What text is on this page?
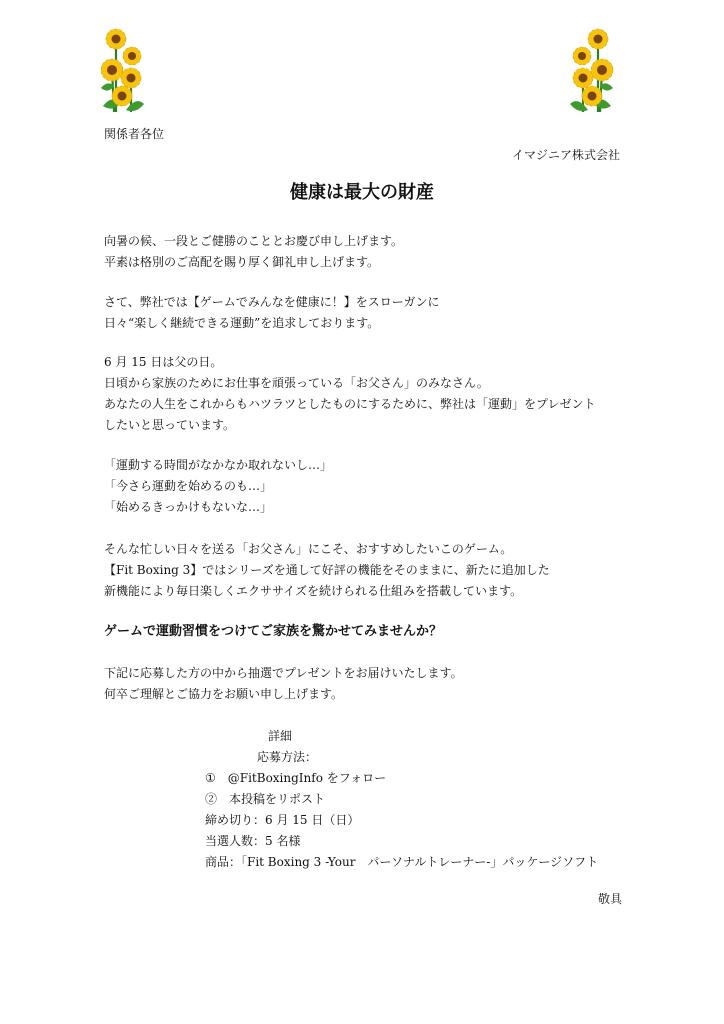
関係者各位
イマジニア株式会社
健康は最大の財産

向暑の候、一段とご健勝のこととお慶び申し上げます。

平素は格別のご高配を賜り厚く御礼申し上げます。

さて、弊社では【ゲームでみんなを健康に！】をスローガンに

日々“楽しく継続できる運動”を追求しております。

6 月 15 日は父の日。

日頃から家族のためにお仕事を頑張っている「お父さん」のみなさん。

あなたの人生をこれからもハツラツとしたものにするために、弊社は「運動」をプレゼント

したいと思っています。

「運動する時間がなかなか取れないし…」

「今さら運動を始めるのも…」

「始めるきっかけもないな…」

そんな忙しい日々を送る「お父さん」にこそ、おすすめしたいこのゲーム。

【Fit Boxing 3】ではシリーズを通して好評の機能をそのままに、新たに追加した

新機能により毎日楽しくエクササイズを続けられる仕組みを搭載しています。

ゲームで運動習慣をつけてご家族を驚かせてみませんか？

下記に応募した方の中から抽選でプレゼントをお届けいたします。

何卒ご理解とご協力をお願い申し上げます。

詳細

応募方法：

①　@FitBoxingInfo をフォロー

②　本投稿をリポスト

締め切り：6 月 15 日（日）

当選人数：5 名様

商品：「Fit Boxing 3 -Your　パーソナルトレーナー-」パッケージソフト

敬具
